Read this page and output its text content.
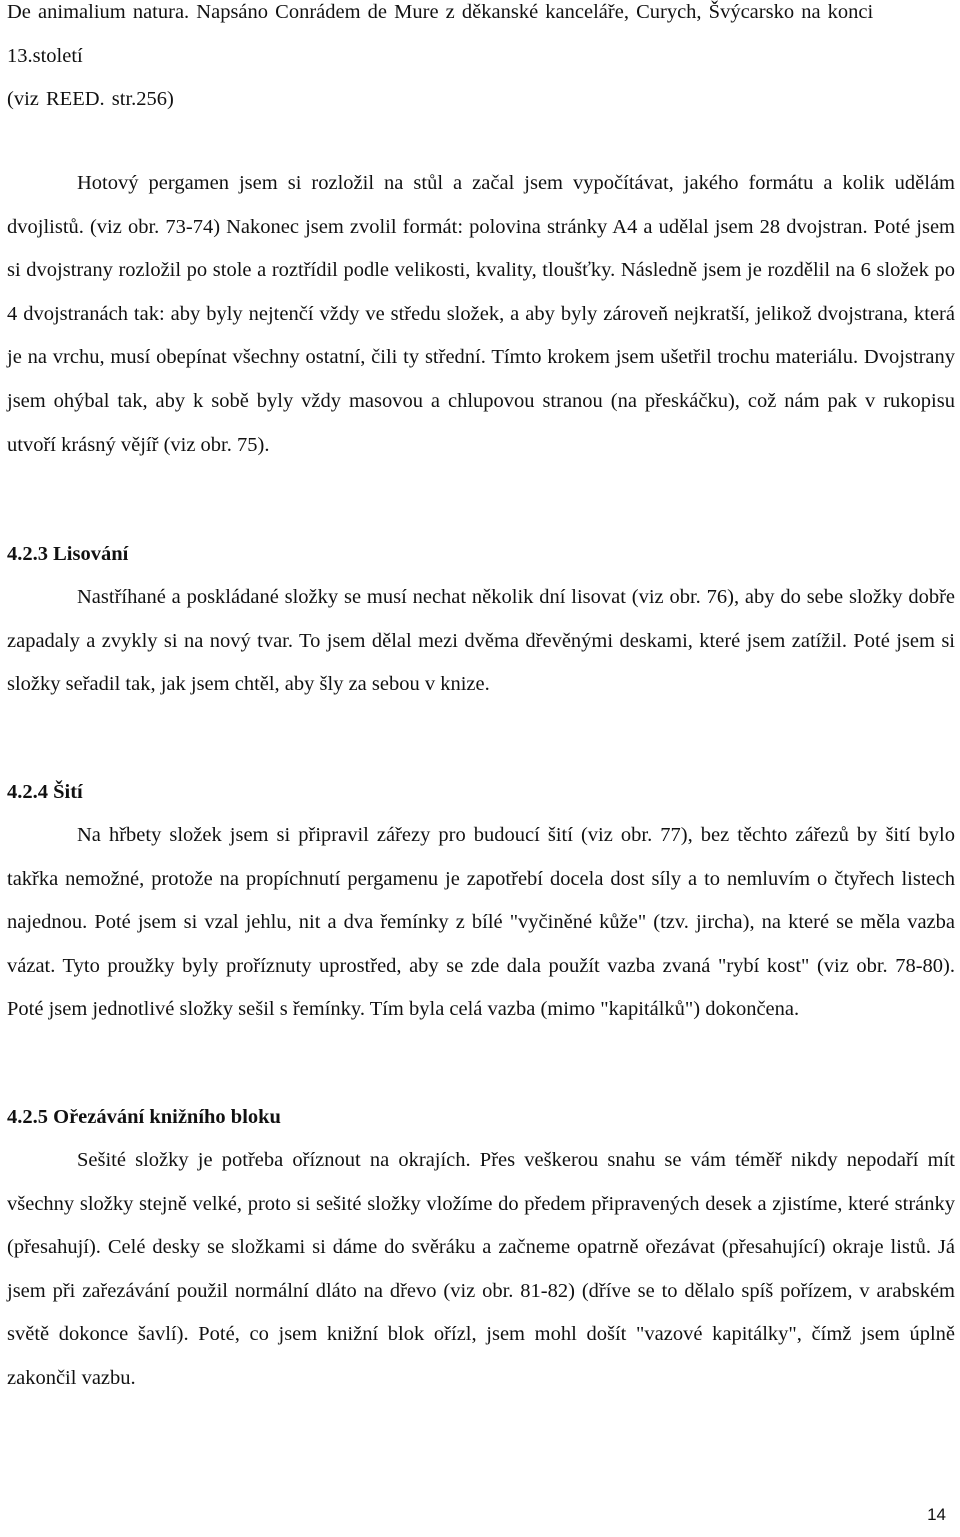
De animalium natura. Napsáno Conrádem de Mure z děkanské kanceláře, Curych, Švýcarsko na konci 13.století

(viz REED. str.256)

Hotový pergamen jsem si rozložil na stůl a začal jsem vypočítávat, jakého formátu a kolik udělám dvojlistů. (viz obr. 73-74) Nakonec jsem zvolil formát: polovina stránky A4 a udělal jsem 28 dvojstran. Poté jsem si dvojstrany rozložil po stole a roztřídil podle velikosti, kvality, tloušťky. Následně jsem je rozdělil na 6 složek po 4 dvojstranách tak: aby byly nejtenčí vždy ve středu složek, a aby byly zároveň nejkratší, jelikož dvojstrana, která je na vrchu, musí obepínat všechny ostatní, čili ty střední. Tímto krokem jsem ušetřil trochu materiálu. Dvojstrany jsem ohýbal tak, aby k sobě byly vždy masovou a chlupovou stranou (na přeskáčku), což nám pak v rukopisu utvoří krásný vějíř (viz obr. 75).

4.2.3 Lisování

Nastříhané a poskládané složky se musí nechat několik dní lisovat (viz obr. 76), aby do sebe složky dobře zapadaly a zvykly si na nový tvar. To jsem dělal mezi dvěma dřevěnými deskami, které jsem zatížil. Poté jsem si složky seřadil tak, jak jsem chtěl, aby šly za sebou v knize.

4.2.4 Šití

Na hřbety složek jsem si připravil zářezy pro budoucí šití (viz obr. 77), bez těchto zářezů by šití bylo takřka nemožné, protože na propíchnutí pergamenu je zapotřebí docela dost síly a to nemluvím o čtyřech listech najednou. Poté jsem si vzal jehlu, nit a dva řemínky z bílé "vyčiněné kůže" (tzv. jircha), na které se měla vazba vázat. Tyto proužky byly proříznuty uprostřed, aby se zde dala použít vazba zvaná "rybí kost" (viz obr. 78-80). Poté jsem jednotlivé složky sešil s řemínky. Tím byla celá vazba (mimo "kapitálků") dokončena.

4.2.5 Ořezávání knižního bloku

Sešité složky je potřeba oříznout na okrajích. Přes veškerou snahu se vám téměř nikdy nepodaří mít všechny složky stejně velké, proto si sešité složky vložíme do předem připravených desek a zjistíme, které stránky (přesahují). Celé desky se složkami si dáme do svěráku a začneme opatrně ořezávat (přesahující) okraje listů. Já jsem při zařezávání použil normální dláto na dřevo (viz obr. 81-82) (dříve se to dělalo spíš pořízem, v arabském světě dokonce šavlí). Poté, co jsem knižní blok ořízl, jsem mohl došít "vazové kapitálky", čímž jsem úplně zakončil vazbu.

14
